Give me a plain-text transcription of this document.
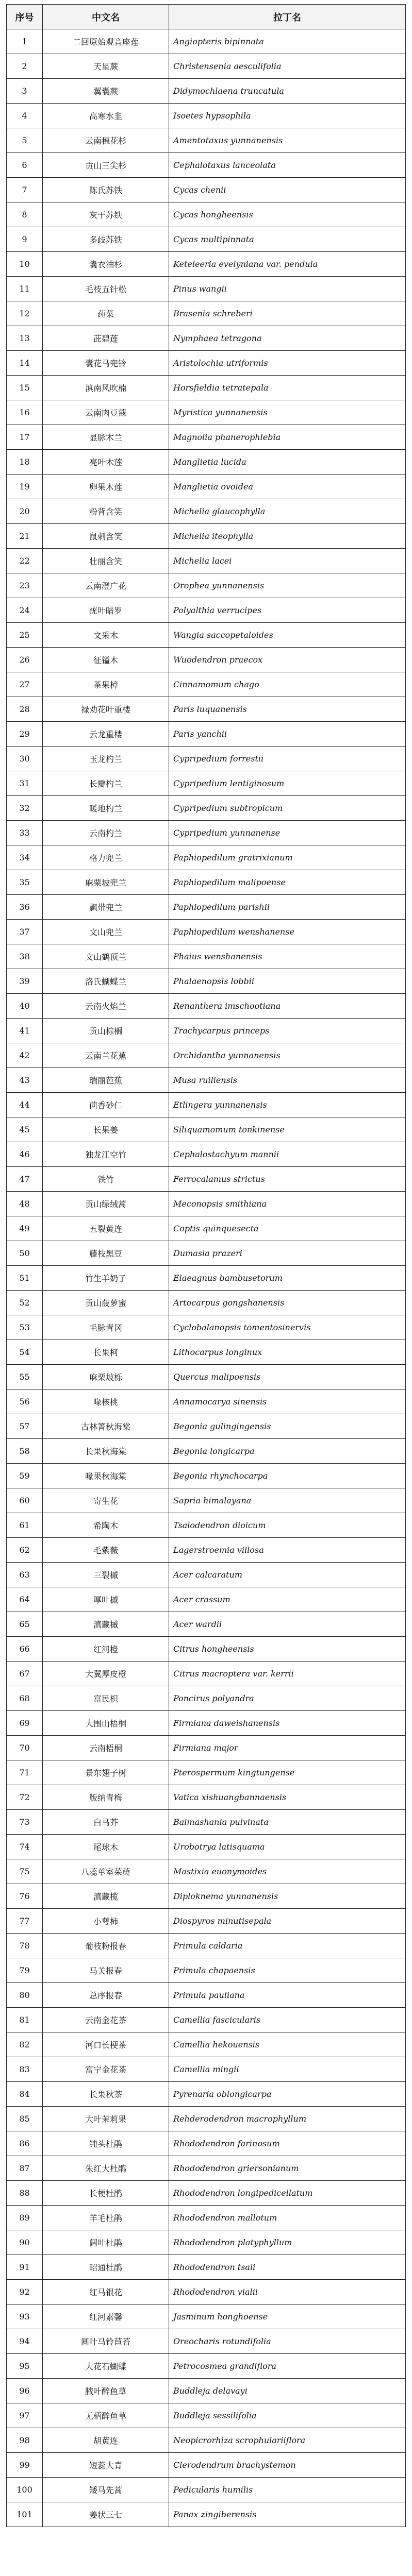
序号	中文名	拉丁名
1	二回原始观音座莲	Angiopteris bipinnata
2	天星蕨	Christensenia aesculifolia
3	翼囊蕨	Didymochlaena truncatula
4	高寒水韭	Isoetes hypsophila
5	云南穗花杉	Amentotaxus yunnanensis
6	贡山三尖杉	Cephalotaxus lanceolata
7	陈氏苏铁	Cycas chenii
8	灰干苏铁	Cycas hongheensis
9	多歧苏铁	Cycas multipinnata
10	囊衣油杉	Keteleeria evelyniana var. pendula
11	毛枝五针松	Pinus wangii
12	莼菜	Brasenia schreberi
13	茈碧莲	Nymphaea tetragona
14	囊花马兜铃	Aristolochia utriformis
15	滇南风吹楠	Horsfieldia tetratepala
16	云南肉豆蔻	Myristica yunnanensis
17	显脉木兰	Magnolia phanerophlebia
18	亮叶木莲	Manglietia lucida
19	卵果木莲	Manglietia ovoidea
20	粉背含笑	Michelia glaucophylla
21	鼠刺含笑	Michelia iteophylla
22	壮丽含笑	Michelia lacei
23	云南澄广花	Orophea yunnanensis
24	疣叶暗罗	Polyalthia verrucipes
25	文采木	Wangia saccopetaloides
26	征镒木	Wuodendron praecox
27	茶果樟	Cinnamomum chago
28	禄劝花叶重楼	Paris luquanensis
29	云龙重楼	Paris yanchii
30	玉龙杓兰	Cypripedium forrestii
31	长瓣杓兰	Cypripedium lentiginosum
32	暖地杓兰	Cypripedium subtropicum
33	云南杓兰	Cypripedium yunnanense
34	格力兜兰	Paphiopedilum gratrixianum
35	麻栗坡兜兰	Paphiopedilum malipoense
36	飘带兜兰	Paphiopedilum parishii
37	文山兜兰	Paphiopedilum wenshanense
38	文山鹤顶兰	Phaius wenshanensis
39	洛氏蝴蝶兰	Phalaenopsis lobbii
40	云南火焰兰	Renanthera imschootiana
41	贡山棕榈	Trachycarpus princeps
42	云南兰花蕉	Orchidantha yunnanensis
43	瑞丽芭蕉	Musa ruiliensis
44	茴香砂仁	Etlingera yunnanensis
45	长果姜	Siliquamomum tonkinense
46	独龙江空竹	Cephalostachyum mannii
47	铁竹	Ferrocalamus strictus
48	贡山绿绒蒿	Meconopsis smithiana
49	五裂黄连	Coptis quinquesecta
50	藤枝黑豆	Dumasia prazeri
51	竹生羊奶子	Elaeagnus bambusetorum
52	贡山菠萝蜜	Artocarpus gongshanensis
53	毛脉青冈	Cyclobalanopsis tomentosinervis
54	长果柯	Lithocarpus longinux
55	麻栗坡栎	Quercus malipoensis
56	喙核桃	Annamocarya sinensis
57	古林箐秋海棠	Begonia gulingingensis
58	长果秋海棠	Begonia longicarpa
59	喙果秋海棠	Begonia rhynchocarpa
60	寄生花	Sapria himalayana
61	希陶木	Tsaiodendron dioicum
62	毛紫薇	Lagerstroemia villosa
63	三裂槭	Acer calcaratum
64	厚叶槭	Acer crassum
65	滇藏槭	Acer wardii
66	红河橙	Citrus hongheensis
67	大翼厚皮橙	Citrus macroptera var. kerrii
68	富民枳	Poncirus polyandra
69	大围山梧桐	Firmiana daweishanensis
70	云南梧桐	Firmiana major
71	景东翅子树	Pterospermum kingtungense
72	版纳青梅	Vatica xishuangbannaensis
73	白马芥	Baimashania pulvinata
74	尾球木	Urobotrya latisquama
75	八蕊单室茱萸	Mastixia euonymoides
76	滇藏榄	Diploknema yunnanensis
77	小萼柿	Diospyros minutisepala
78	葡枝粉报春	Primula caldaria
79	马关报春	Primula chapaensis
80	总序报春	Primula pauliana
81	云南金花茶	Camellia fascicularis
82	河口长梗茶	Camellia hekouensis
83	富宁金花茶	Camellia mingii
84	长果秋茶	Pyrenaria oblongicarpa
85	大叶茉莉果	Rehderodendron macrophyllum
86	钝头杜鹃	Rhododendron farinosum
87	朱红大杜鹃	Rhododendron griersonianum
88	长梗杜鹃	Rhododendron longipedicellatum
89	羊毛杜鹃	Rhododendron mallotum
90	阔叶杜鹃	Rhododendron platyphyllum
91	昭通杜鹃	Rhododendron tsaii
92	红马银花	Rhododendron vialii
93	红河素馨	Jasminum honghoense
94	圆叶马铃苣苔	Oreocharis rotundifolia
95	大花石蝴蝶	Petrocosmea grandiflora
96	腋叶醉鱼草	Buddleja delavayi
97	无柄醉鱼草	Buddleja sessilifolia
98	胡黄连	Neopicrorhiza scrophulariiflora
99	短蕊大青	Clerodendrum brachystemon
100	矮马先蒿	Pedicularis humilis
101	姜状三七	Panax zingiberensis
